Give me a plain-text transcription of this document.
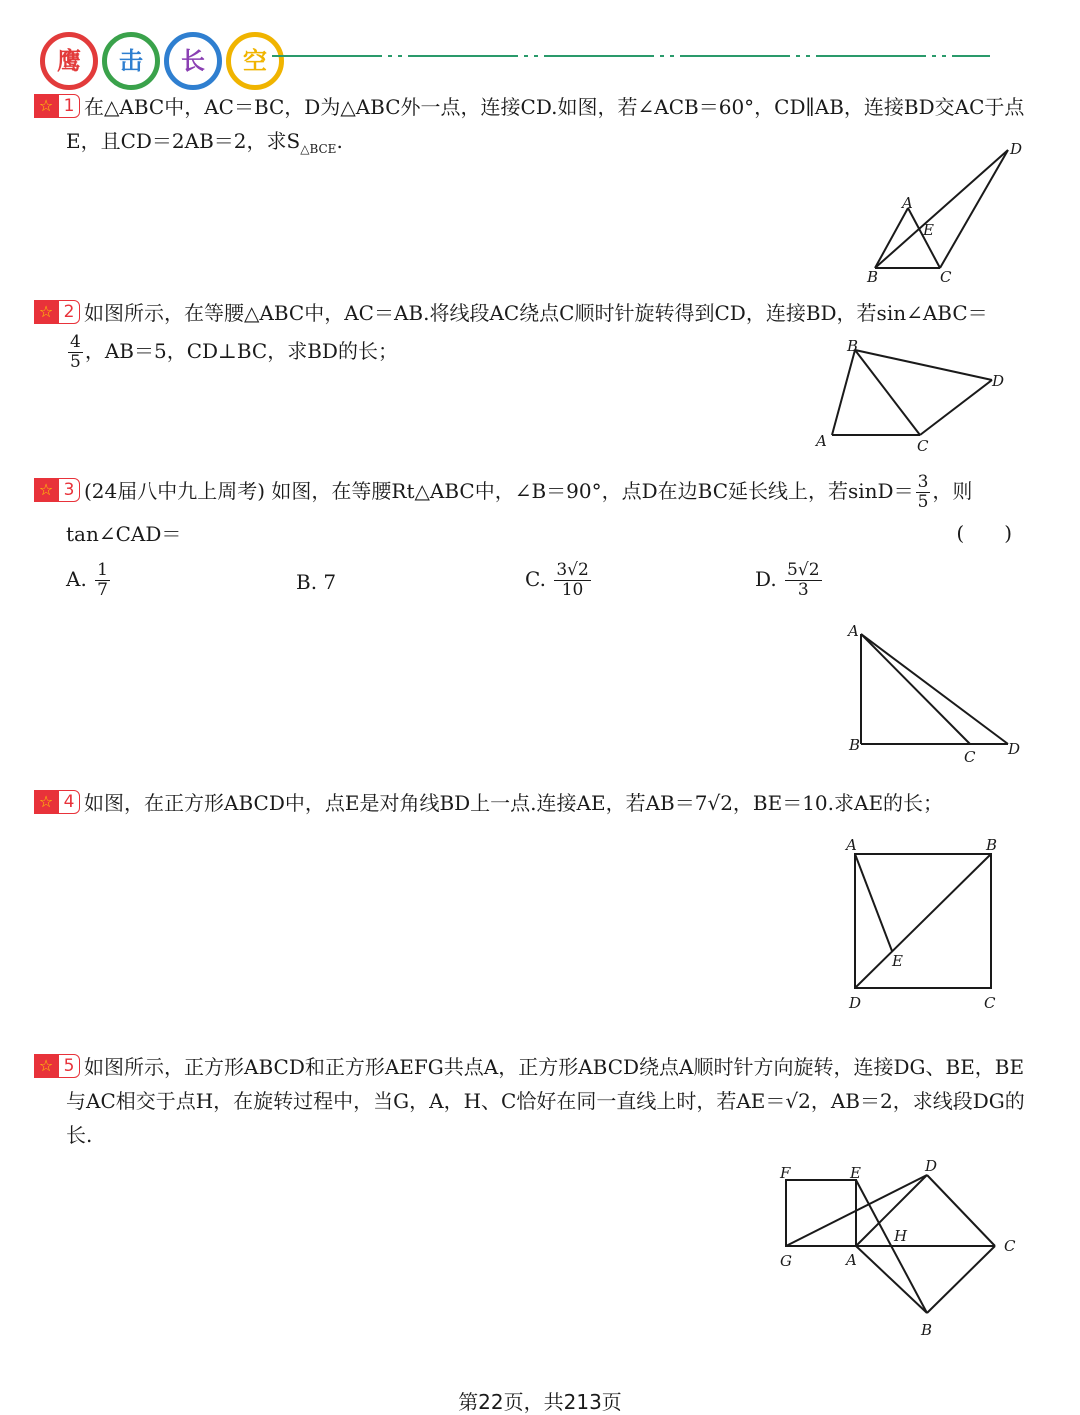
鹰 击 长 空
☆ 1 在△ABC中，AC＝BC，D为△ABC外一点，连接CD.如图，若∠ACB＝60°，CD∥AB，连接BD交AC于点
E，且CD＝2AB＝2，求$S_{\triangle BCE}$.	D
A
E
B	C
☆ 2 如图所示，在等腰△ABC中，AC＝AB.将线段AC绕点C顺时针旋转得到CD，连接BD，若sin∠ABC＝
$\frac{4}{5}$ ，AB＝5，CD⊥BC，求BD的长；	B
D
A	C
☆ 3 (24届八中九上周考) 如图，在等腰Rt△ABC中，∠B＝90°，点D在边BC延长线上，若$\sin D= \frac{3}{5}$ ，则
tan∠CAD＝	(　　)
A. $\frac{1}{7}$	B. 7	C. $\frac{3√2}{10}$	D. $\frac{5√2}{3}$
A
B
C D
☆ 4 如图，在正方形ABCD中，点E是对角线BD上一点.连接AE，若AB＝7√2，BE＝10.求AE的长；
A	B
E
D	C
☆ 5 如图所示，正方形ABCD和正方形AEFG共点A，正方形ABCD绕点A顺时针方向旋转，连接DG、BE，BE
与AC相交于点H，在旋转过程中，当G，A，H、C恰好在同一直线上时，若AE＝√2，AB＝2，求线段DG的
长.
F	E	D
H
C
G	A
B
第22页，共213页
